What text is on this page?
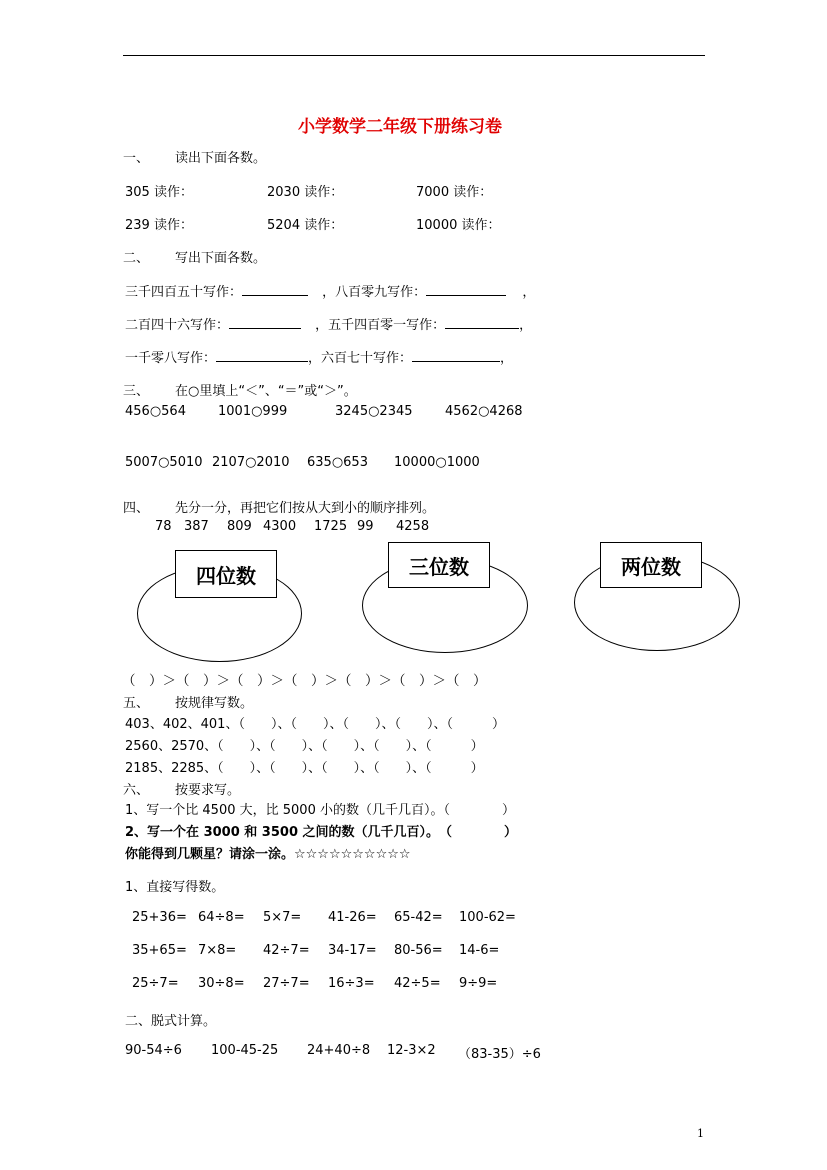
小学数学二年级下册练习卷
一、 读出下面各数。
305 读作：	2030 读作：	7000 读作：
239 读作：	5204 读作：	10000 读作：
二、 写出下面各数。
三千四百五十写作：	，八百零九写作：	，
二百四十六写作：	，五千四百零一写作：	，
一千零八写作：	，六百七十写作：	，
三、 在○里填上“＜”、“＝”或“＞”。
456○564 1001○999	3245○2345 4562○4268
5007○5010 2107○2010 635○653 10000○1000
四、 先分一分，再把它们按从大到小的顺序排列。
78 387 809 4300 1725 99 4258
四位数	三位数	两位数
（　）＞（　）＞（　）＞（　）＞（　）＞（　）＞（　）
五、 按规律写数。
403、402、401、（　　）、（　　）、（　　）、（　　）、（　　　）
2560、2570、（　　）、（　　）、（　　）、（　　）、（　　　）
2185、2285、（　　）、（　　）、（　　）、（　　）、（　　　）
六、 按要求写。
1、写一个比 4500 大，比 5000 小的数（几千几百）。（　　　　）
2、写一个在 3000 和 3500 之间的数（几千几百）。　（　　　　）
你能得到几颗星？请涂一涂。☆☆☆☆☆☆☆☆☆☆
1、直接写得数。
25+36= 64÷8= 5×7= 41-26= 65-42= 100-62=
35+65= 7×8= 42÷7= 34-17= 80-56= 14-6=
25÷7= 30÷8= 27÷7= 16÷3= 42÷5= 9÷9=
二、脱式计算。
90-54÷6 100-45-25 24+40÷8 12-3×2 （83-35）÷6
1
